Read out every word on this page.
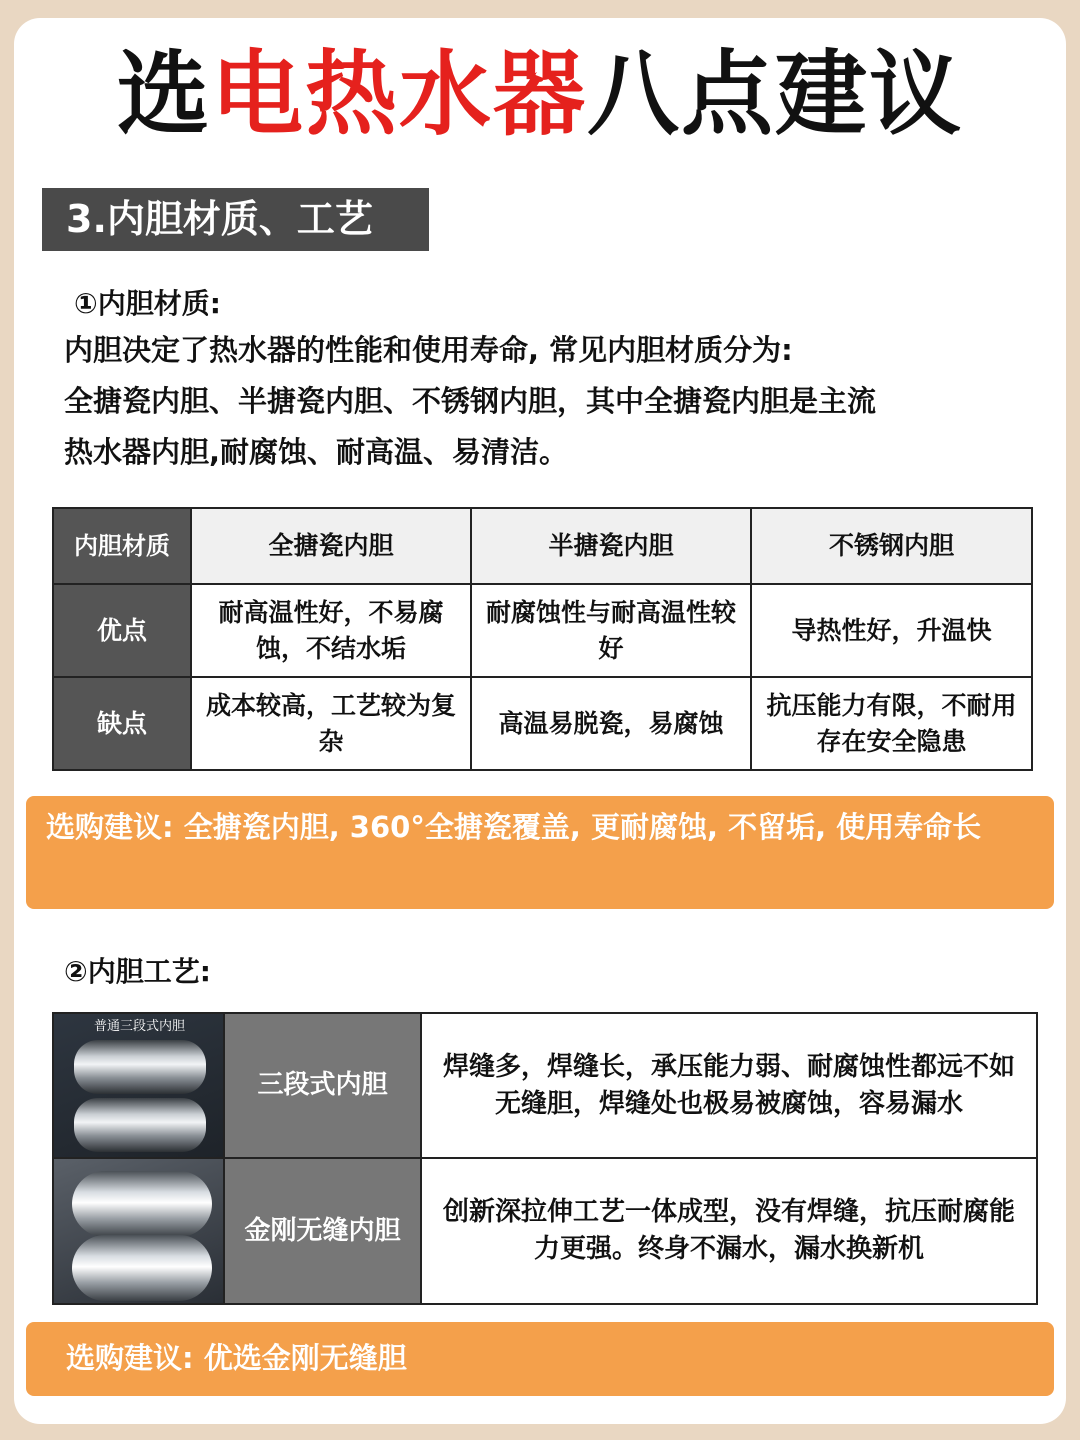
选电热水器八点建议
3.内胆材质、工艺
①内胆材质:
内胆决定了热水器的性能和使用寿命, 常见内胆材质分为:
全搪瓷内胆、半搪瓷内胆、不锈钢内胆，其中全搪瓷内胆是主流
热水器内胆,耐腐蚀、耐高温、易清洁。
内胆材质	全搪瓷内胆	半搪瓷内胆	不锈钢内胆
优点	耐高温性好，不易腐蚀，不结水垢	耐腐蚀性与耐高温性较好	导热性好，升温快
缺点	成本较高，工艺较为复杂	高温易脱瓷，易腐蚀	抗压能力有限，不耐用存在安全隐患
选购建议: 全搪瓷内胆, 360°全搪瓷覆盖, 更耐腐蚀, 不留垢, 使用寿命长
②内胆工艺:
普通三段式内胆	三段式内胆	焊缝多，焊缝长，承压能力弱、耐腐蚀性都远不如无缝胆，焊缝处也极易被腐蚀，容易漏水

	金刚无缝内胆	创新深拉伸工艺一体成型，没有焊缝，抗压耐腐能力更强。终身不漏水，漏水换新机
选购建议: 优选金刚无缝胆
